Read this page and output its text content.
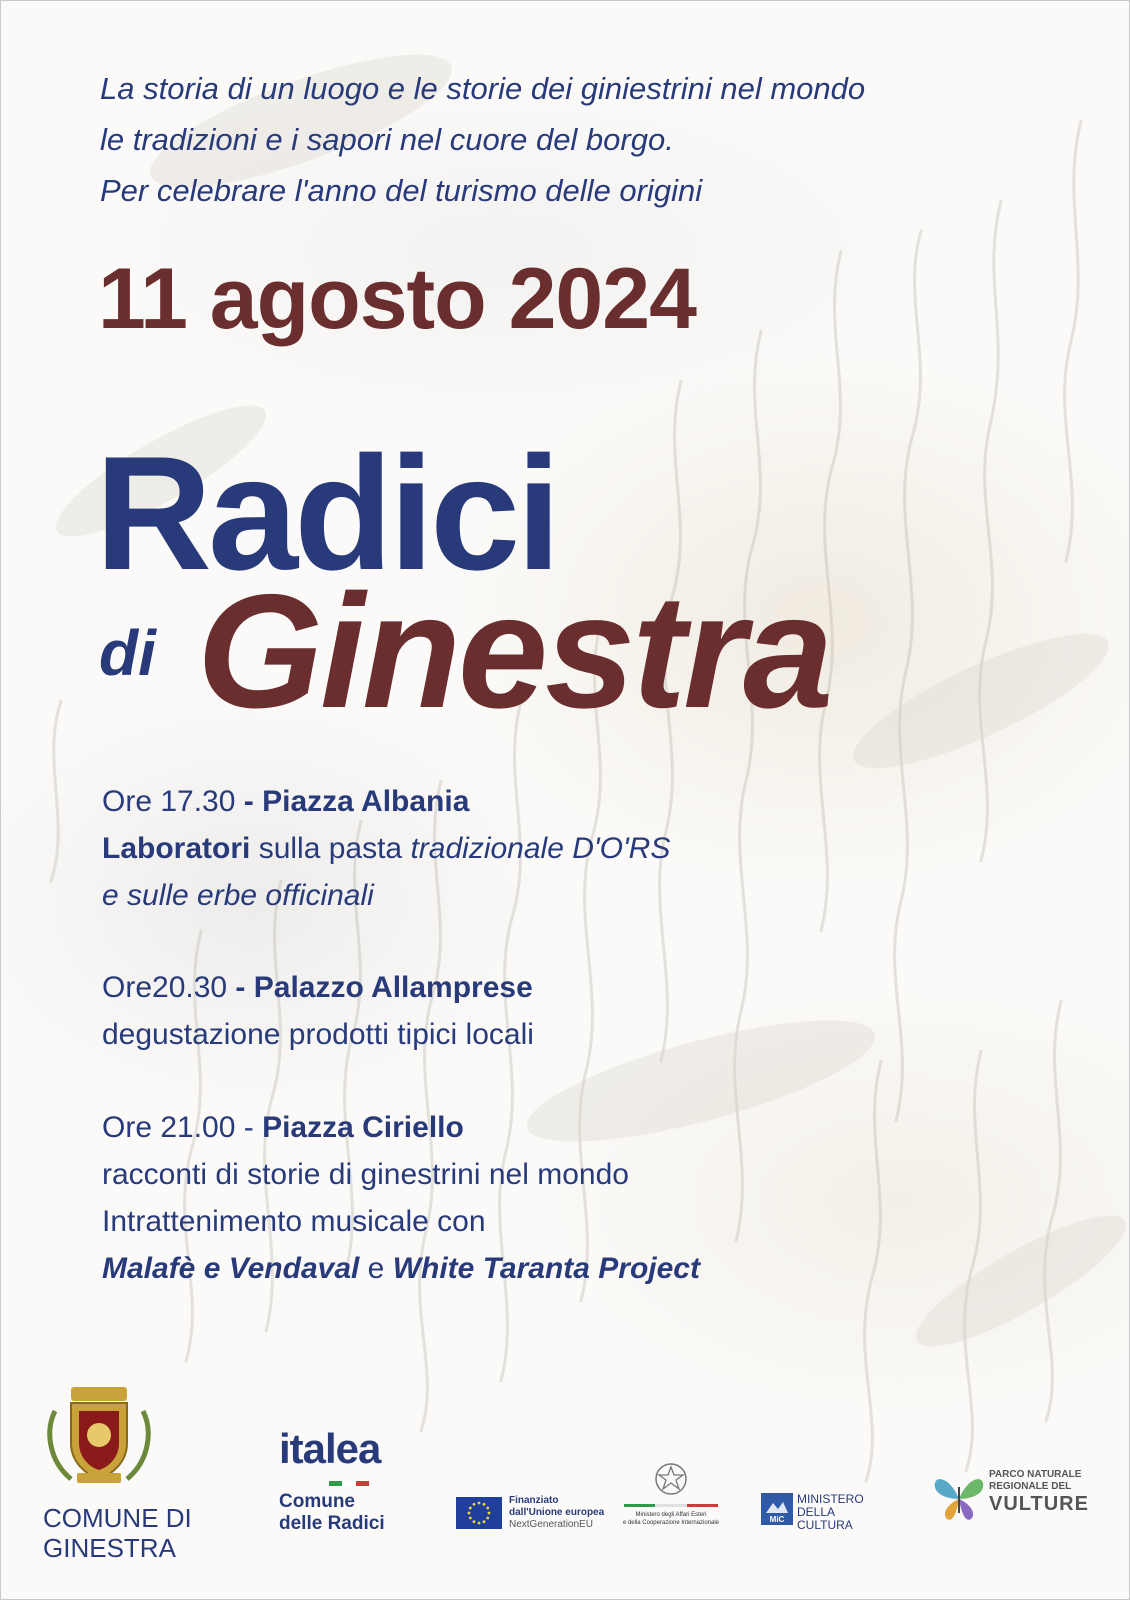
La storia di un luogo e le storie dei giniestrini nel mondo
le tradizioni e i sapori nel cuore del borgo.
Per celebrare l'anno del turismo delle origini
11 agosto 2024
Radici
di Ginestra
Ore 17.30 - Piazza Albania
Laboratori sulla pasta tradizionale D'O'RS
e sulle erbe officinali
Ore20.30 - Palazzo Allamprese
degustazione prodotti tipici locali
Ore 21.00 - Piazza Ciriello
racconti di storie di ginestrini nel mondo
Intrattenimento musicale con
Malafè e Vendaval e White Taranta Project
COMUNE DI
GINESTRA
italea
Comune
delle Radici
Finanziato
dall'Unione europea
NextGenerationEU
Ministero degli Affari Esteri
e della Cooperazione Internazionale	MiC
MINISTERO
DELLA
CULTURA
PARCO NATURALE
REGIONALE DEL
VULTURE
